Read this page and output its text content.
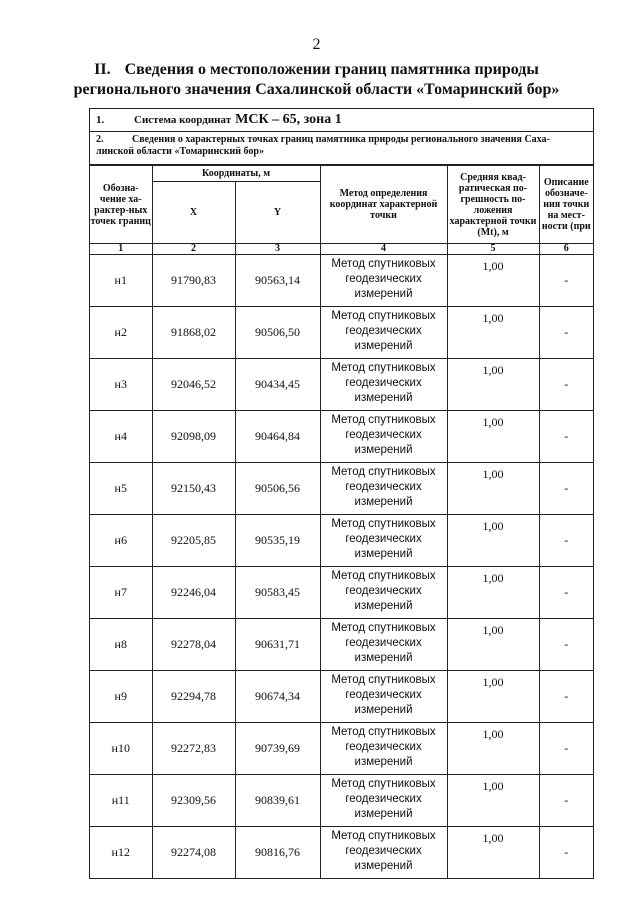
2
II. Сведения о местоположении границ памятника природы
регионального значения Сахалинской области «Томаринский бор»
1.	Система координат МСК – 65, зона 1
2.	Сведения о характерных точках границ памятника природы регионального значения Саха-
линской области «Томаринский бор»
Обозна-чение ха-рактер-ных точек границ	Координаты, м		Метод определения координат характерной точки	Средняя квад-ратическая по-грешность по-ложения характерной точки (Mt), м	Описание обозначе-ния точки на мест-ности (при
	X	Y			
1	2	3	4	5	6
н1	91790,83	90563,14	Метод спутниковых геодезических измерений	1,00	-
н2	91868,02	90506,50	Метод спутниковых геодезических измерений	1,00	-
н3	92046,52	90434,45	Метод спутниковых геодезических измерений	1,00	-
н4	92098,09	90464,84	Метод спутниковых геодезических измерений	1,00	-
н5	92150,43	90506,56	Метод спутниковых геодезических измерений	1,00	-
н6	92205,85	90535,19	Метод спутниковых геодезических измерений	1,00	-
н7	92246,04	90583,45	Метод спутниковых геодезических измерений	1,00	-
н8	92278,04	90631,71	Метод спутниковых геодезических измерений	1,00	-
н9	92294,78	90674,34	Метод спутниковых геодезических измерений	1,00	-
н10	92272,83	90739,69	Метод спутниковых геодезических измерений	1,00	-
н11	92309,56	90839,61	Метод спутниковых геодезических измерений	1,00	-
н12	92274,08	90816,76	Метод спутниковых геодезических измерений	1,00	-
